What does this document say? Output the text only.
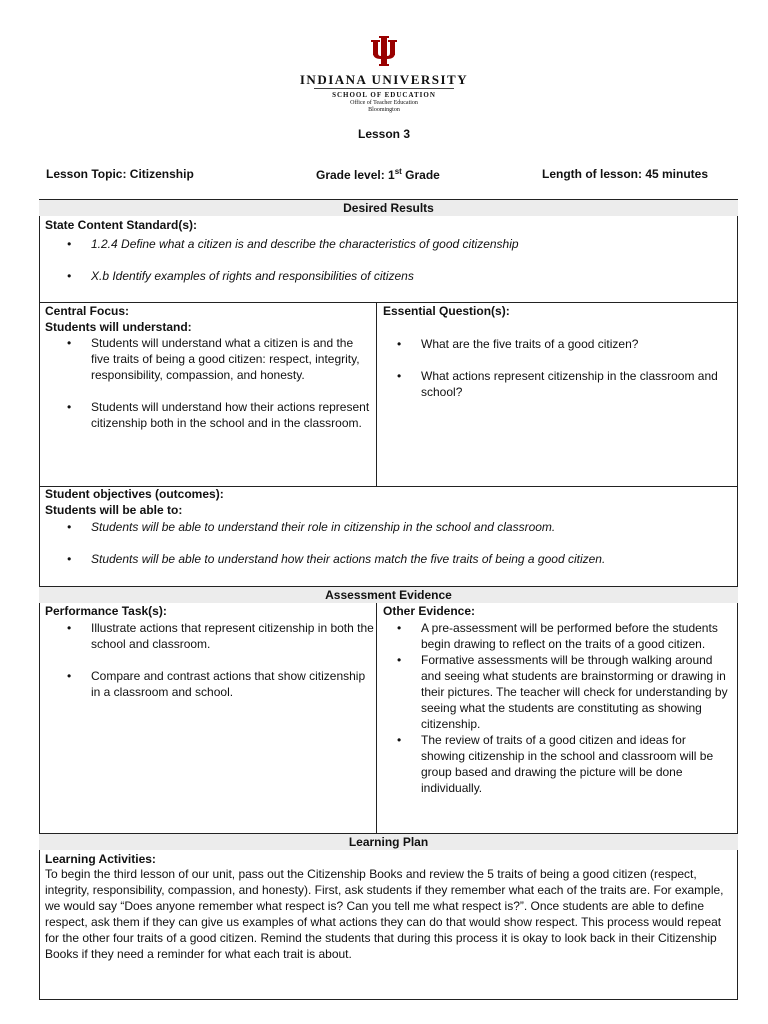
INDIANA UNIVERSITY
SCHOOL OF EDUCATION
Office of Teacher Education
Bloomington
Lesson 3
Lesson Topic: Citizenship	Grade level: 1st Grade	Length of lesson: 45 minutes
Desired Results
State Content Standard(s):
• 1.2.4 Define what a citizen is and describe the characteristics of good citizenship
• X.b Identify examples of rights and responsibilities of citizens
Central Focus:
Students will understand:
• Students will understand what a citizen is and the five traits of being a good citizen: respect, integrity, responsibility, compassion, and honesty.
• Students will understand how their actions represent citizenship both in the school and in the classroom.
Essential Question(s):
• What are the five traits of a good citizen?
• What actions represent citizenship in the classroom and school?
Student objectives (outcomes):
Students will be able to:
• Students will be able to understand their role in citizenship in the school and classroom.
• Students will be able to understand how their actions match the five traits of being a good citizen.
Assessment Evidence
Performance Task(s):
• Illustrate actions that represent citizenship in both the school and classroom.
• Compare and contrast actions that show citizenship in a classroom and school.
Other Evidence:
• A pre-assessment will be performed before the students begin drawing to reflect on the traits of a good citizen.
• Formative assessments will be through walking around and seeing what students are brainstorming or drawing in their pictures. The teacher will check for understanding by seeing what the students are constituting as showing citizenship.
• The review of traits of a good citizen and ideas for showing citizenship in the school and classroom will be group based and drawing the picture will be done individually.
Learning Plan
Learning Activities:
To begin the third lesson of our unit, pass out the Citizenship Books and review the 5 traits of being a good citizen (respect, integrity, responsibility, compassion, and honesty). First, ask students if they remember what each of the traits are. For example, we would say “Does anyone remember what respect is? Can you tell me what respect is?”. Once students are able to define respect, ask them if they can give us examples of what actions they can do that would show respect. This process would repeat for the other four traits of a good citizen. Remind the students that during this process it is okay to look back in their Citizenship Books if they need a reminder for what each trait is about.
